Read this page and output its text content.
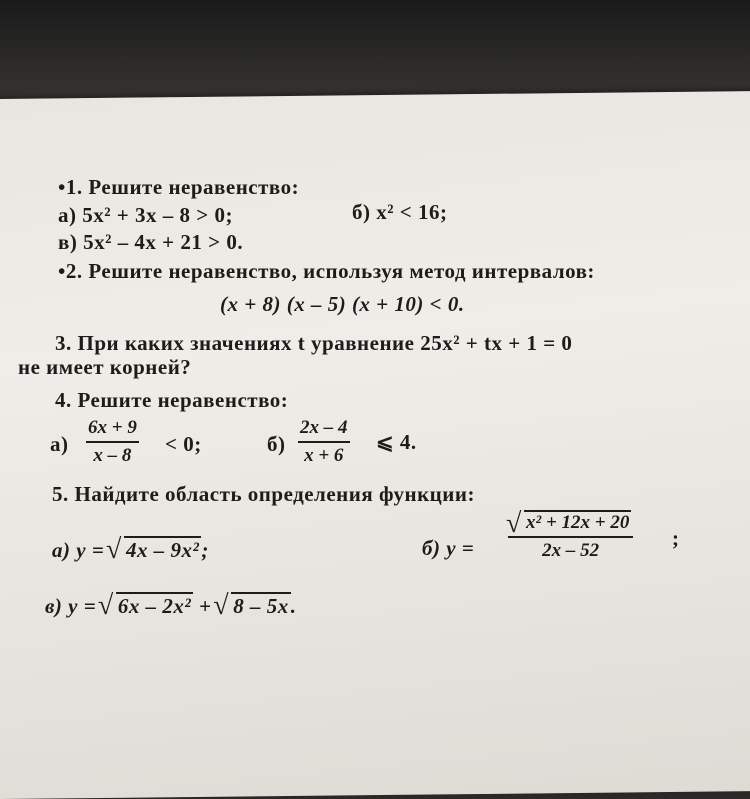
•1. Решите неравенство:
а) 5x² + 3x – 8 > 0;	б) x² < 16;
в) 5x² – 4x + 21 > 0.
•2. Решите неравенство, используя метод интервалов:
(x + 8) (x – 5) (x + 10) < 0.
3. При каких значениях t уравнение 25x² + tx + 1 = 0
не имеет корней?
4. Решите неравенство:
$а) \frac{6x + 9}{x - 8} < 0$;	$б) \frac{2x - 4}{x + 6}$ ⩽ 4.
5. Найдите область определения функции:
а) y = √ 4x – 9x²;	б) y = √ $\frac{\text{x² + 12x + 20}}{2x - 52}$ ;
в) y = √ 6x – 2x² + √ 8 – 5x.
